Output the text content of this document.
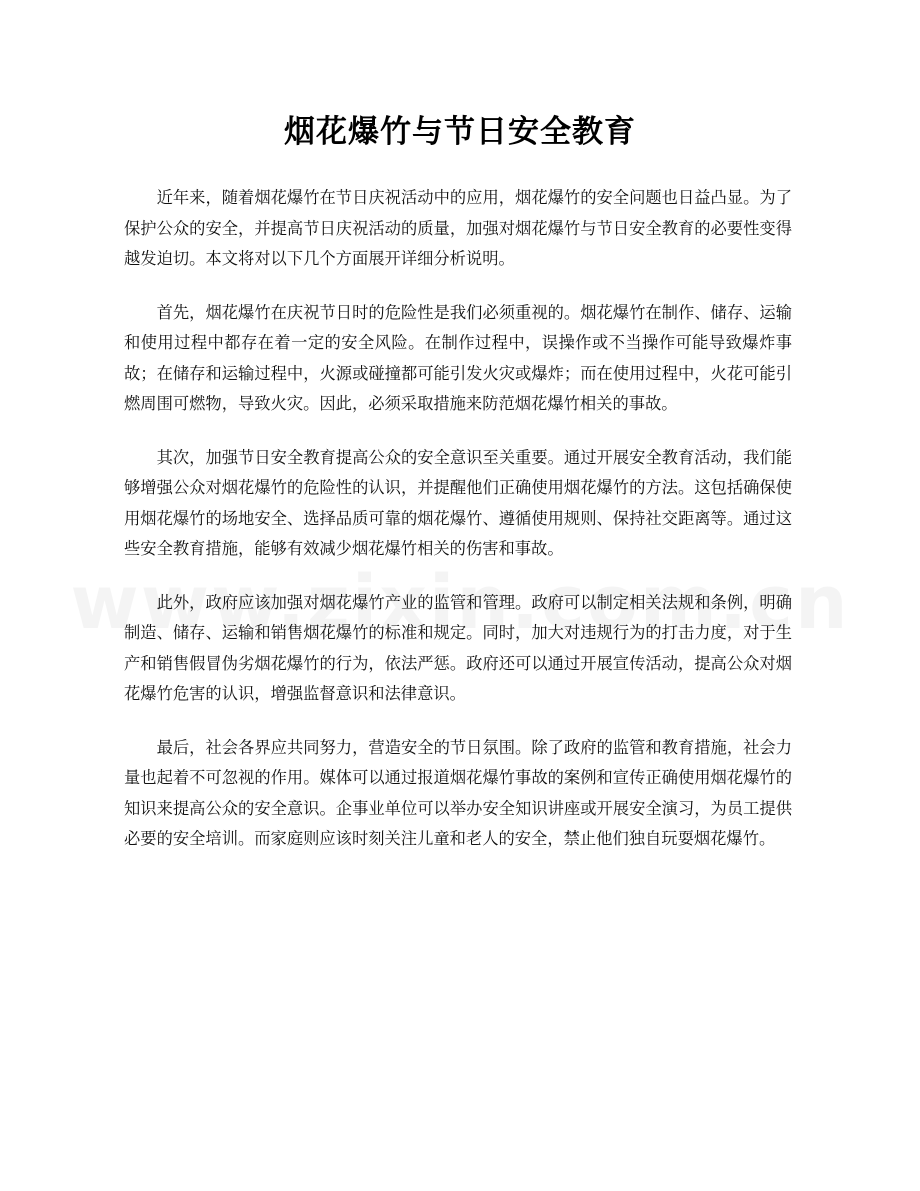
烟花爆竹与节日安全教育

近年来，随着烟花爆竹在节日庆祝活动中的应用，烟花爆竹的安全问题也日益凸显。为了保护公众的安全，并提高节日庆祝活动的质量，加强对烟花爆竹与节日安全教育的必要性变得越发迫切。本文将对以下几个方面展开详细分析说明。

首先，烟花爆竹在庆祝节日时的危险性是我们必须重视的。烟花爆竹在制作、储存、运输和使用过程中都存在着一定的安全风险。在制作过程中，误操作或不当操作可能导致爆炸事故；在储存和运输过程中，火源或碰撞都可能引发火灾或爆炸；而在使用过程中，火花可能引燃周围可燃物，导致火灾。因此，必须采取措施来防范烟花爆竹相关的事故。

其次，加强节日安全教育提高公众的安全意识至关重要。通过开展安全教育活动，我们能够增强公众对烟花爆竹的危险性的认识，并提醒他们正确使用烟花爆竹的方法。这包括确保使用烟花爆竹的场地安全、选择品质可靠的烟花爆竹、遵循使用规则、保持社交距离等。通过这些安全教育措施，能够有效减少烟花爆竹相关的伤害和事故。

此外，政府应该加强对烟花爆竹产业的监管和管理。政府可以制定相关法规和条例，明确制造、储存、运输和销售烟花爆竹的标准和规定。同时，加大对违规行为的打击力度，对于生产和销售假冒伪劣烟花爆竹的行为，依法严惩。政府还可以通过开展宣传活动，提高公众对烟花爆竹危害的认识，增强监督意识和法律意识。

最后，社会各界应共同努力，营造安全的节日氛围。除了政府的监管和教育措施，社会力量也起着不可忽视的作用。媒体可以通过报道烟花爆竹事故的案例和宣传正确使用烟花爆竹的知识来提高公众的安全意识。企事业单位可以举办安全知识讲座或开展安全演习，为员工提供必要的安全培训。而家庭则应该时刻关注儿童和老人的安全，禁止他们独自玩耍烟花爆竹。
